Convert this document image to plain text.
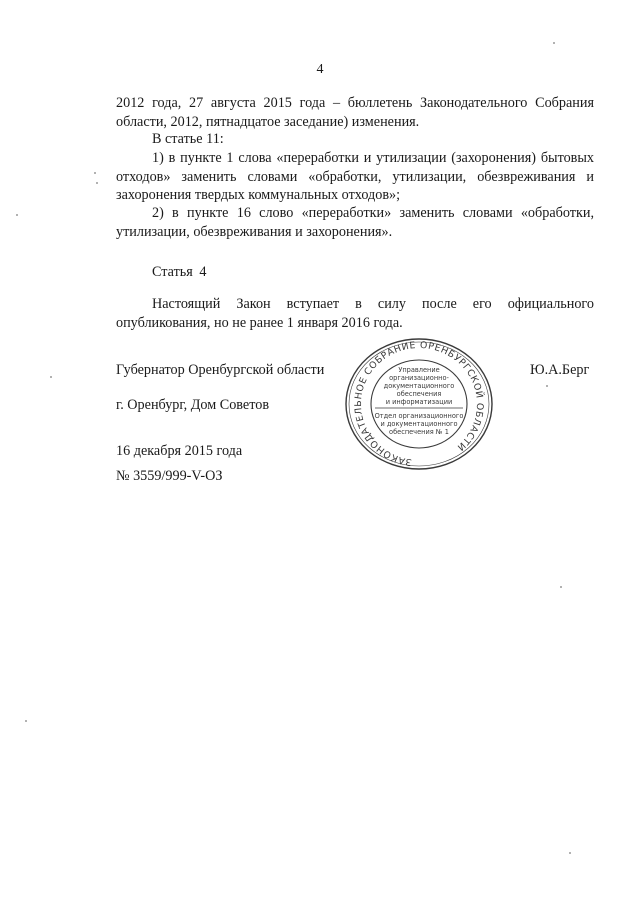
4
2012 года, 27 августа 2015 года – бюллетень Законодательного Собрания
области, 2012, пятнадцатое заседание) изменения.
В статье 11:
1) в пункте 1 слова «переработки и утилизации (захоронения) бытовых
отходов» заменить словами «обработки, утилизации, обезвреживания и
захоронения твердых коммунальных отходов»;
2) в пункте 16 слово «переработки» заменить словами «обработки,
утилизации, обезвреживания и захоронения».
Статья 4
Настоящий Закон вступает в силу после его официального
опубликования, но не ранее 1 января 2016 года.
Губернатор Оренбургской области	Ю.А.Берг
г. Оренбург, Дом Советов
16 декабря 2015 года
№ 3559/999-V-ОЗ
ЗАКОНОДАТЕЛЬНОЕ СОБРАНИЕ ОРЕНБУРГСКОЙ ОБЛАСТИ
Управление
организационно-
документационного
обеспечения
и информатизации
Отдел организационного
и документационного
обеспечения № 1
